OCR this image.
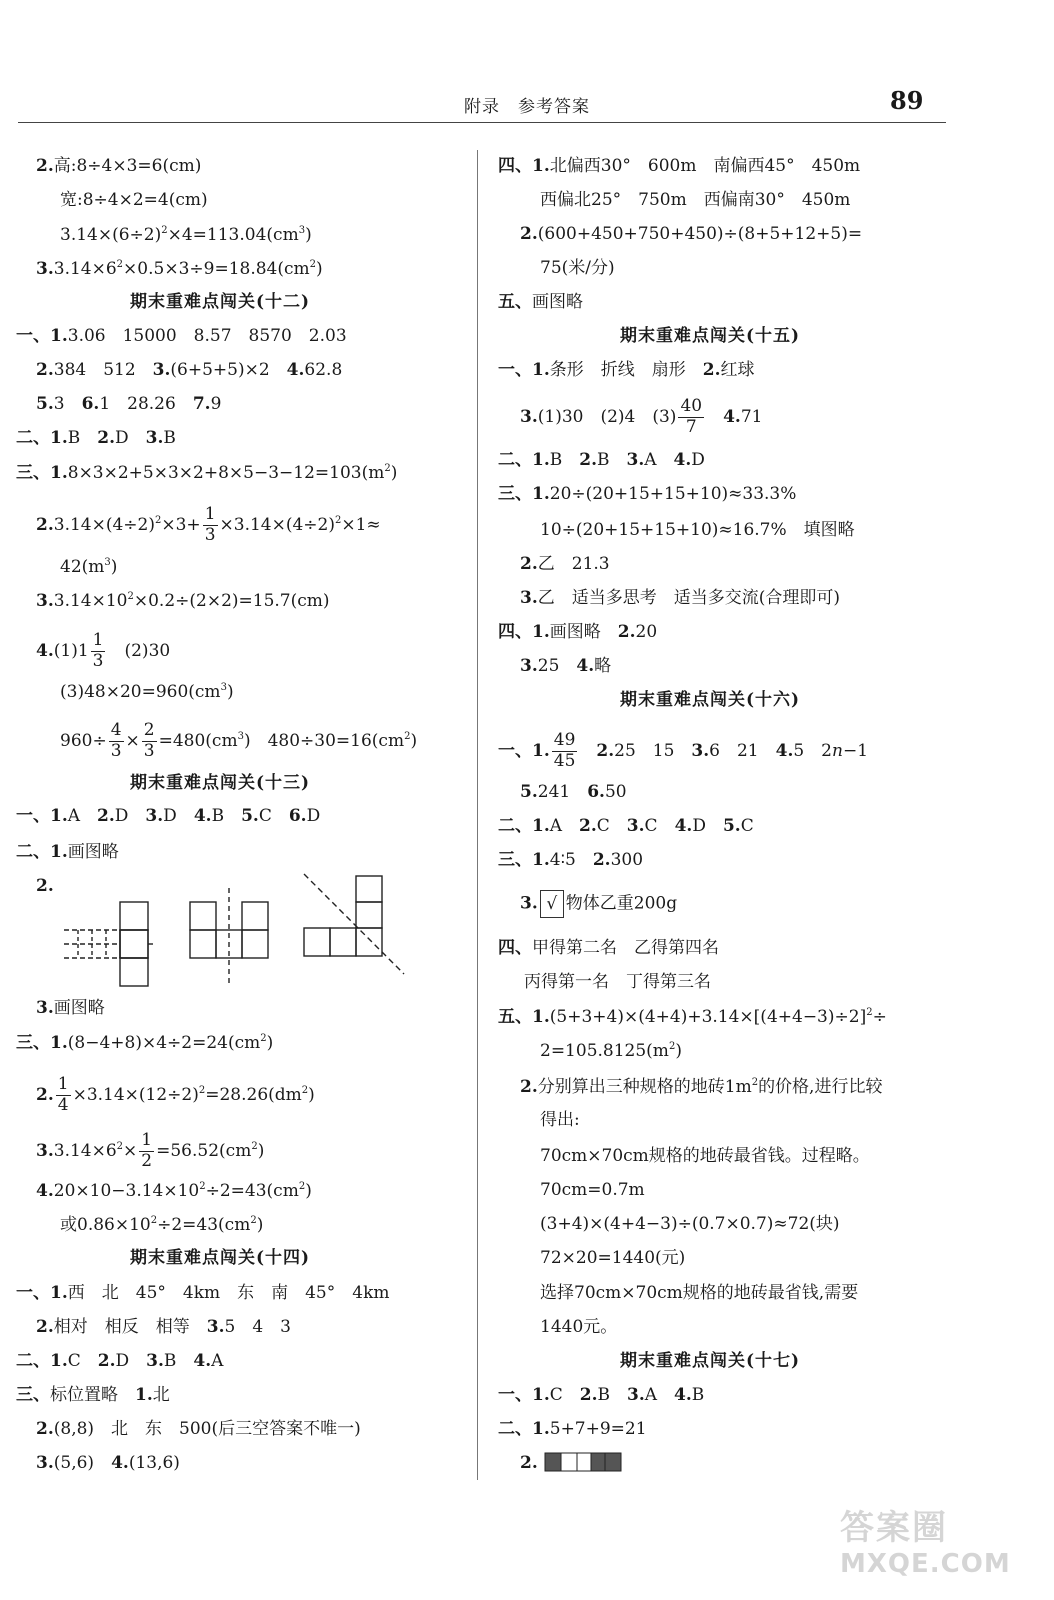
附录　参考答案	89
2.高:8÷4×3=6(cm)
宽:8÷4×2=4(cm)
$3.14\times(6\div 2)^2\times 4=113.04(cm^3)$
$3.3.14\times 6^2\times 0.5\times 3\div 9=18.84(cm^2)$
期末重难点闯关(十二)
一、1.3.06　15000　8.57　8570　2.03
2.384　512　3.(6+5+5)×2　4.62.8
5.3　6.1　28.26　7.9
二、1.B　2.D　3.B
三、$1.8\times 3\times 2+5\times 3\times 2+8\times 5-3-12=103(m^2)$
$2.3.14\times(4\div 2)^2\times 3+ \frac{1}{3} \times 3.14\times(4\div 2)^2\times 1\approx$
$42(m^3)$
$3.3.14\times 10^2\times 0.2\div(2\times 2)=15.7(cm)$
$4.(1)1 \frac{1}{3}$ 　(2)30
$(3)48\times 20=960(cm^3)$
$960\div \frac{4}{3} \times \frac{2}{3} =480(cm^3)$　$480\div 30=16(cm^2)$
期末重难点闯关(十三)
一、1.A　2.D　3.D　4.B　5.C　6.D
二、1.画图略
2.
3.画图略
三、$1.(8-4+8)\times 4\div 2=24(cm^2)$
2. $\frac{1}{4} \times 3.14\times(12\div 2)^2=28.26(dm^2)$
$3.3.14\times 6^2\times \frac{1}{2} =56.52(cm^2)$
$4.20\times 10-3.14\times 10^2\div 2=43(cm^2)$
或$0.86\times 10^2\div 2=43(cm^2)$
期末重难点闯关(十四)
一、1.西　北　45°　4km　东　南　45°　4km
2.相对　相反　相等　3.5　4　3
二、1.C　2.D　3.B　4.A
三、标位置略　1.北
2.(8,8)　北　东　500(后三空答案不唯一)
3.(5,6)　4.(13,6)
四、1.北偏西30°　600m　南偏西45°　450m
西偏北25°　750m　西偏南30°　450m
2.(600+450+750+450)÷(8+5+12+5)=
75(米/分)
五、画图略
期末重难点闯关(十五)
一、1.条形　折线　扇形　2.红球
3.(1)30　(2)4　$(3) \frac{40}{7}$
　 4.71
二、1.B　2.B　3.A　4.D
三、1.20÷(20+15+15+10)≈33.3%
10÷(20+15+15+10)≈16.7%　填图略
2.乙　21.3
3.乙　适当多思考　适当多交流(合理即可)
四、1.画图略　2.20
3.25　4.略
期末重难点闯关(十六)
一、1. $\frac{49}{45}$
　 2.25　15　3.6　21　4.5　2n−1
5.241　6.50
二、1.A　2.C　3.C　4.D　5.C
三、1.4∶5　2.300
3. √ 物体乙重200g
四、甲得第二名　乙得第四名
丙得第一名　丁得第三名
五、$1.(5+3+4)\times(4+4)+3.14\times[(4+4-3)\div 2]^2\div$
$2=105.8125(m^2)$
2.分别算出三种规格的地砖$1m^2$的价格,进行比较
得出:
70cm×70cm规格的地砖最省钱。过程略。
70cm=0.7m
(3+4)×(4+4−3)÷(0.7×0.7)≈72(块)
72×20=1440(元)
选择70cm×70cm规格的地砖最省钱,需要
1440元。
期末重难点闯关(十七)
一、1.C　2.B　3.A　4.B
二、1.5+7+9=21
2.
答案圈
MXQE.COM
